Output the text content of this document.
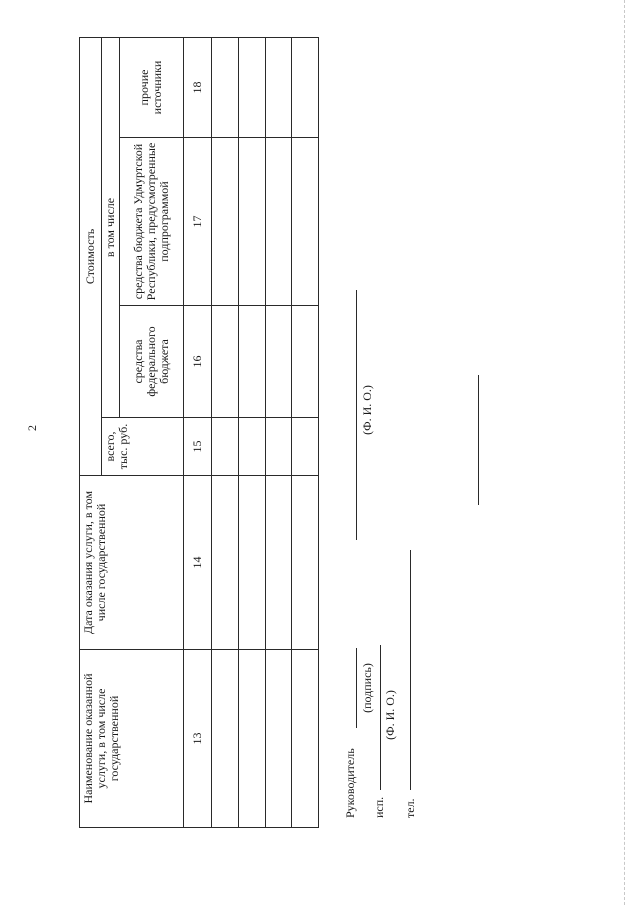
2
Наименование оказанной услуги, в том числе государственной	Дата оказания услуги, в том числе государственной	Стоимость			
		всего, тыс. руб.	в том числе		
			средства федерального бюджета	средства бюджета Удмуртской Республики, предусмотренные подпрограммой	прочие источники
13	14	15	16	17	18

Руководитель
(подпись)
(Ф. И. О.)
исп.
(Ф. И. О.)
тел.
